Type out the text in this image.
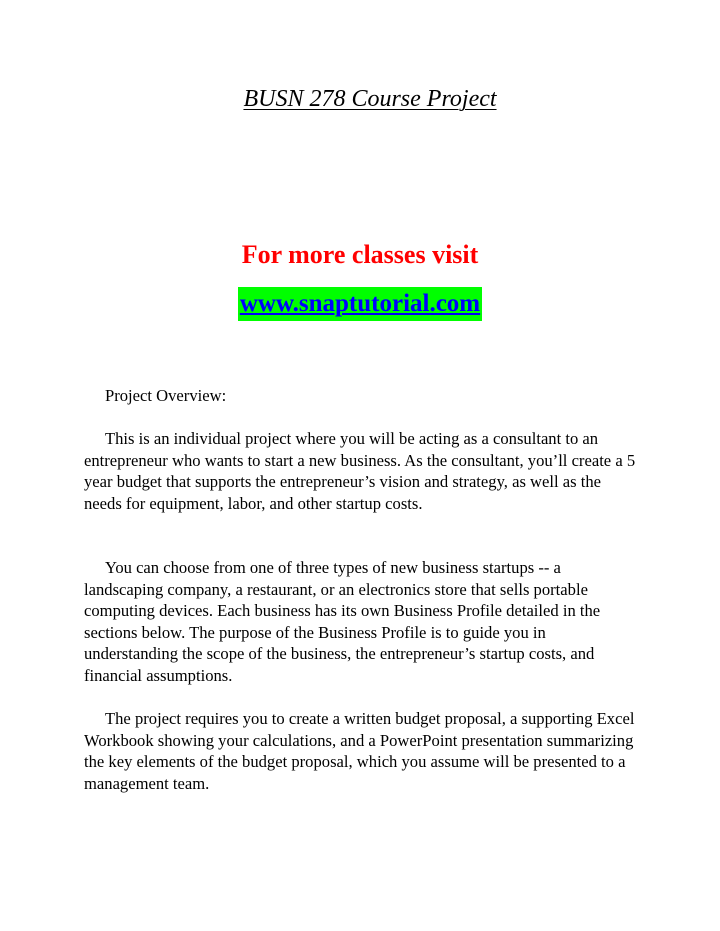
BUSN 278 Course Project
For more classes visit
www.snaptutorial.com
Project Overview:

This is an individual project where you will be acting as a consultant to an entrepreneur who wants to start a new business. As the consultant, you’ll create a 5 year budget that supports the entrepreneur’s vision and strategy, as well as the needs for equipment, labor, and other startup costs.

You can choose from one of three types of new business startups -- a landscaping company, a restaurant, or an electronics store that sells portable computing devices. Each business has its own Business Profile detailed in the sections below. The purpose of the Business Profile is to guide you in understanding the scope of the business, the entrepreneur’s startup costs, and financial assumptions.

The project requires you to create a written budget proposal, a supporting Excel Workbook showing your calculations, and a PowerPoint presentation summarizing the key elements of the budget proposal, which you assume will be presented to a management team.
